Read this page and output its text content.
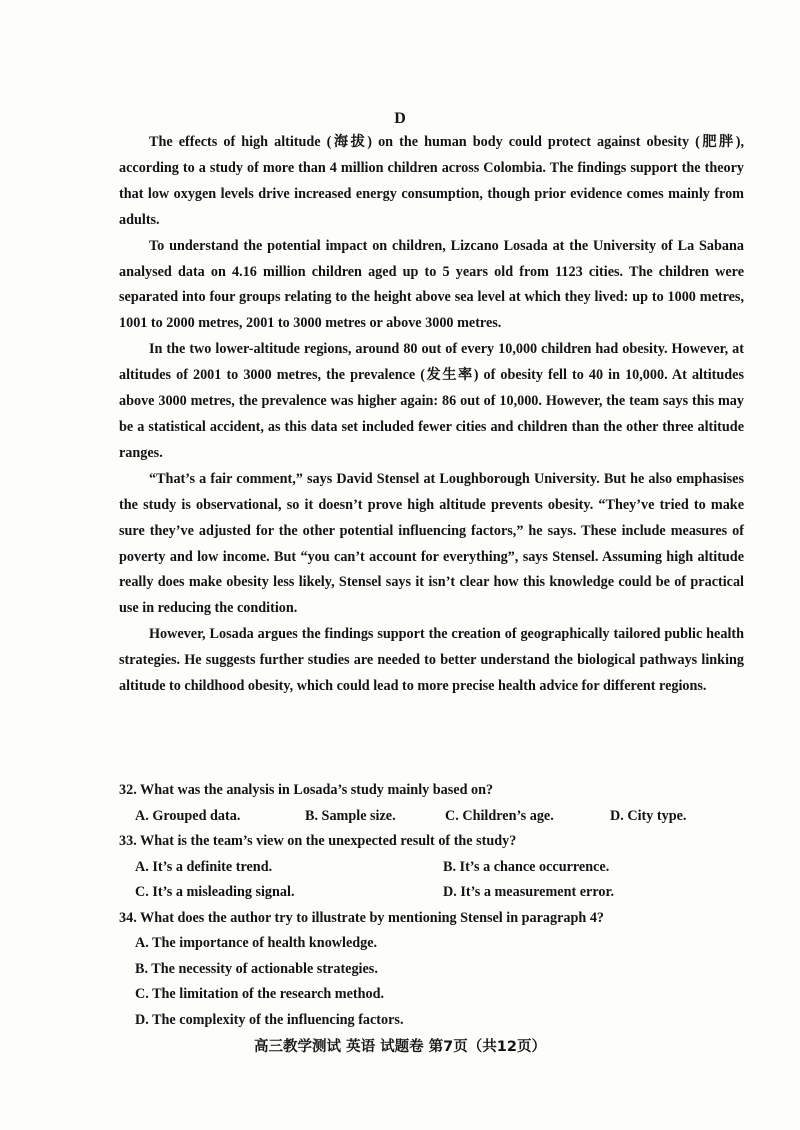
D

The effects of high altitude (海拔) on the human body could protect against obesity (肥胖), according to a study of more than 4 million children across Colombia. The findings support the theory that low oxygen levels drive increased energy consumption, though prior evidence comes mainly from adults.

To understand the potential impact on children, Lizcano Losada at the University of La Sabana analysed data on 4.16 million children aged up to 5 years old from 1123 cities. The children were separated into four groups relating to the height above sea level at which they lived: up to 1000 metres, 1001 to 2000 metres, 2001 to 3000 metres or above 3000 metres.

In the two lower-altitude regions, around 80 out of every 10,000 children had obesity. However, at altitudes of 2001 to 3000 metres, the prevalence (发生率) of obesity fell to 40 in 10,000. At altitudes above 3000 metres, the prevalence was higher again: 86 out of 10,000. However, the team says this may be a statistical accident, as this data set included fewer cities and children than the other three altitude ranges.

“That’s a fair comment,” says David Stensel at Loughborough University. But he also emphasises the study is observational, so it doesn’t prove high altitude prevents obesity. “They’ve tried to make sure they’ve adjusted for the other potential influencing factors,” he says. These include measures of poverty and low income. But “you can’t account for everything”, says Stensel. Assuming high altitude really does make obesity less likely, Stensel says it isn’t clear how this knowledge could be of practical use in reducing the condition.

However, Losada argues the findings support the creation of geographically tailored public health strategies. He suggests further studies are needed to better understand the biological pathways linking altitude to childhood obesity, which could lead to more precise health advice for different regions.

32. What was the analysis in Losada’s study mainly based on?
A. Grouped data.	B. Sample size.	C. Children’s age.	D. City type.
33. What is the team’s view on the unexpected result of the study?
A. It’s a definite trend.	B. It’s a chance occurrence.
C. It’s a misleading signal.	D. It’s a measurement error.
34. What does the author try to illustrate by mentioning Stensel in paragraph 4?
A. The importance of health knowledge.
B. The necessity of actionable strategies.
C. The limitation of the research method.
D. The complexity of the influencing factors.
高三教学测试 英语 试题卷 第7页（共12页）
